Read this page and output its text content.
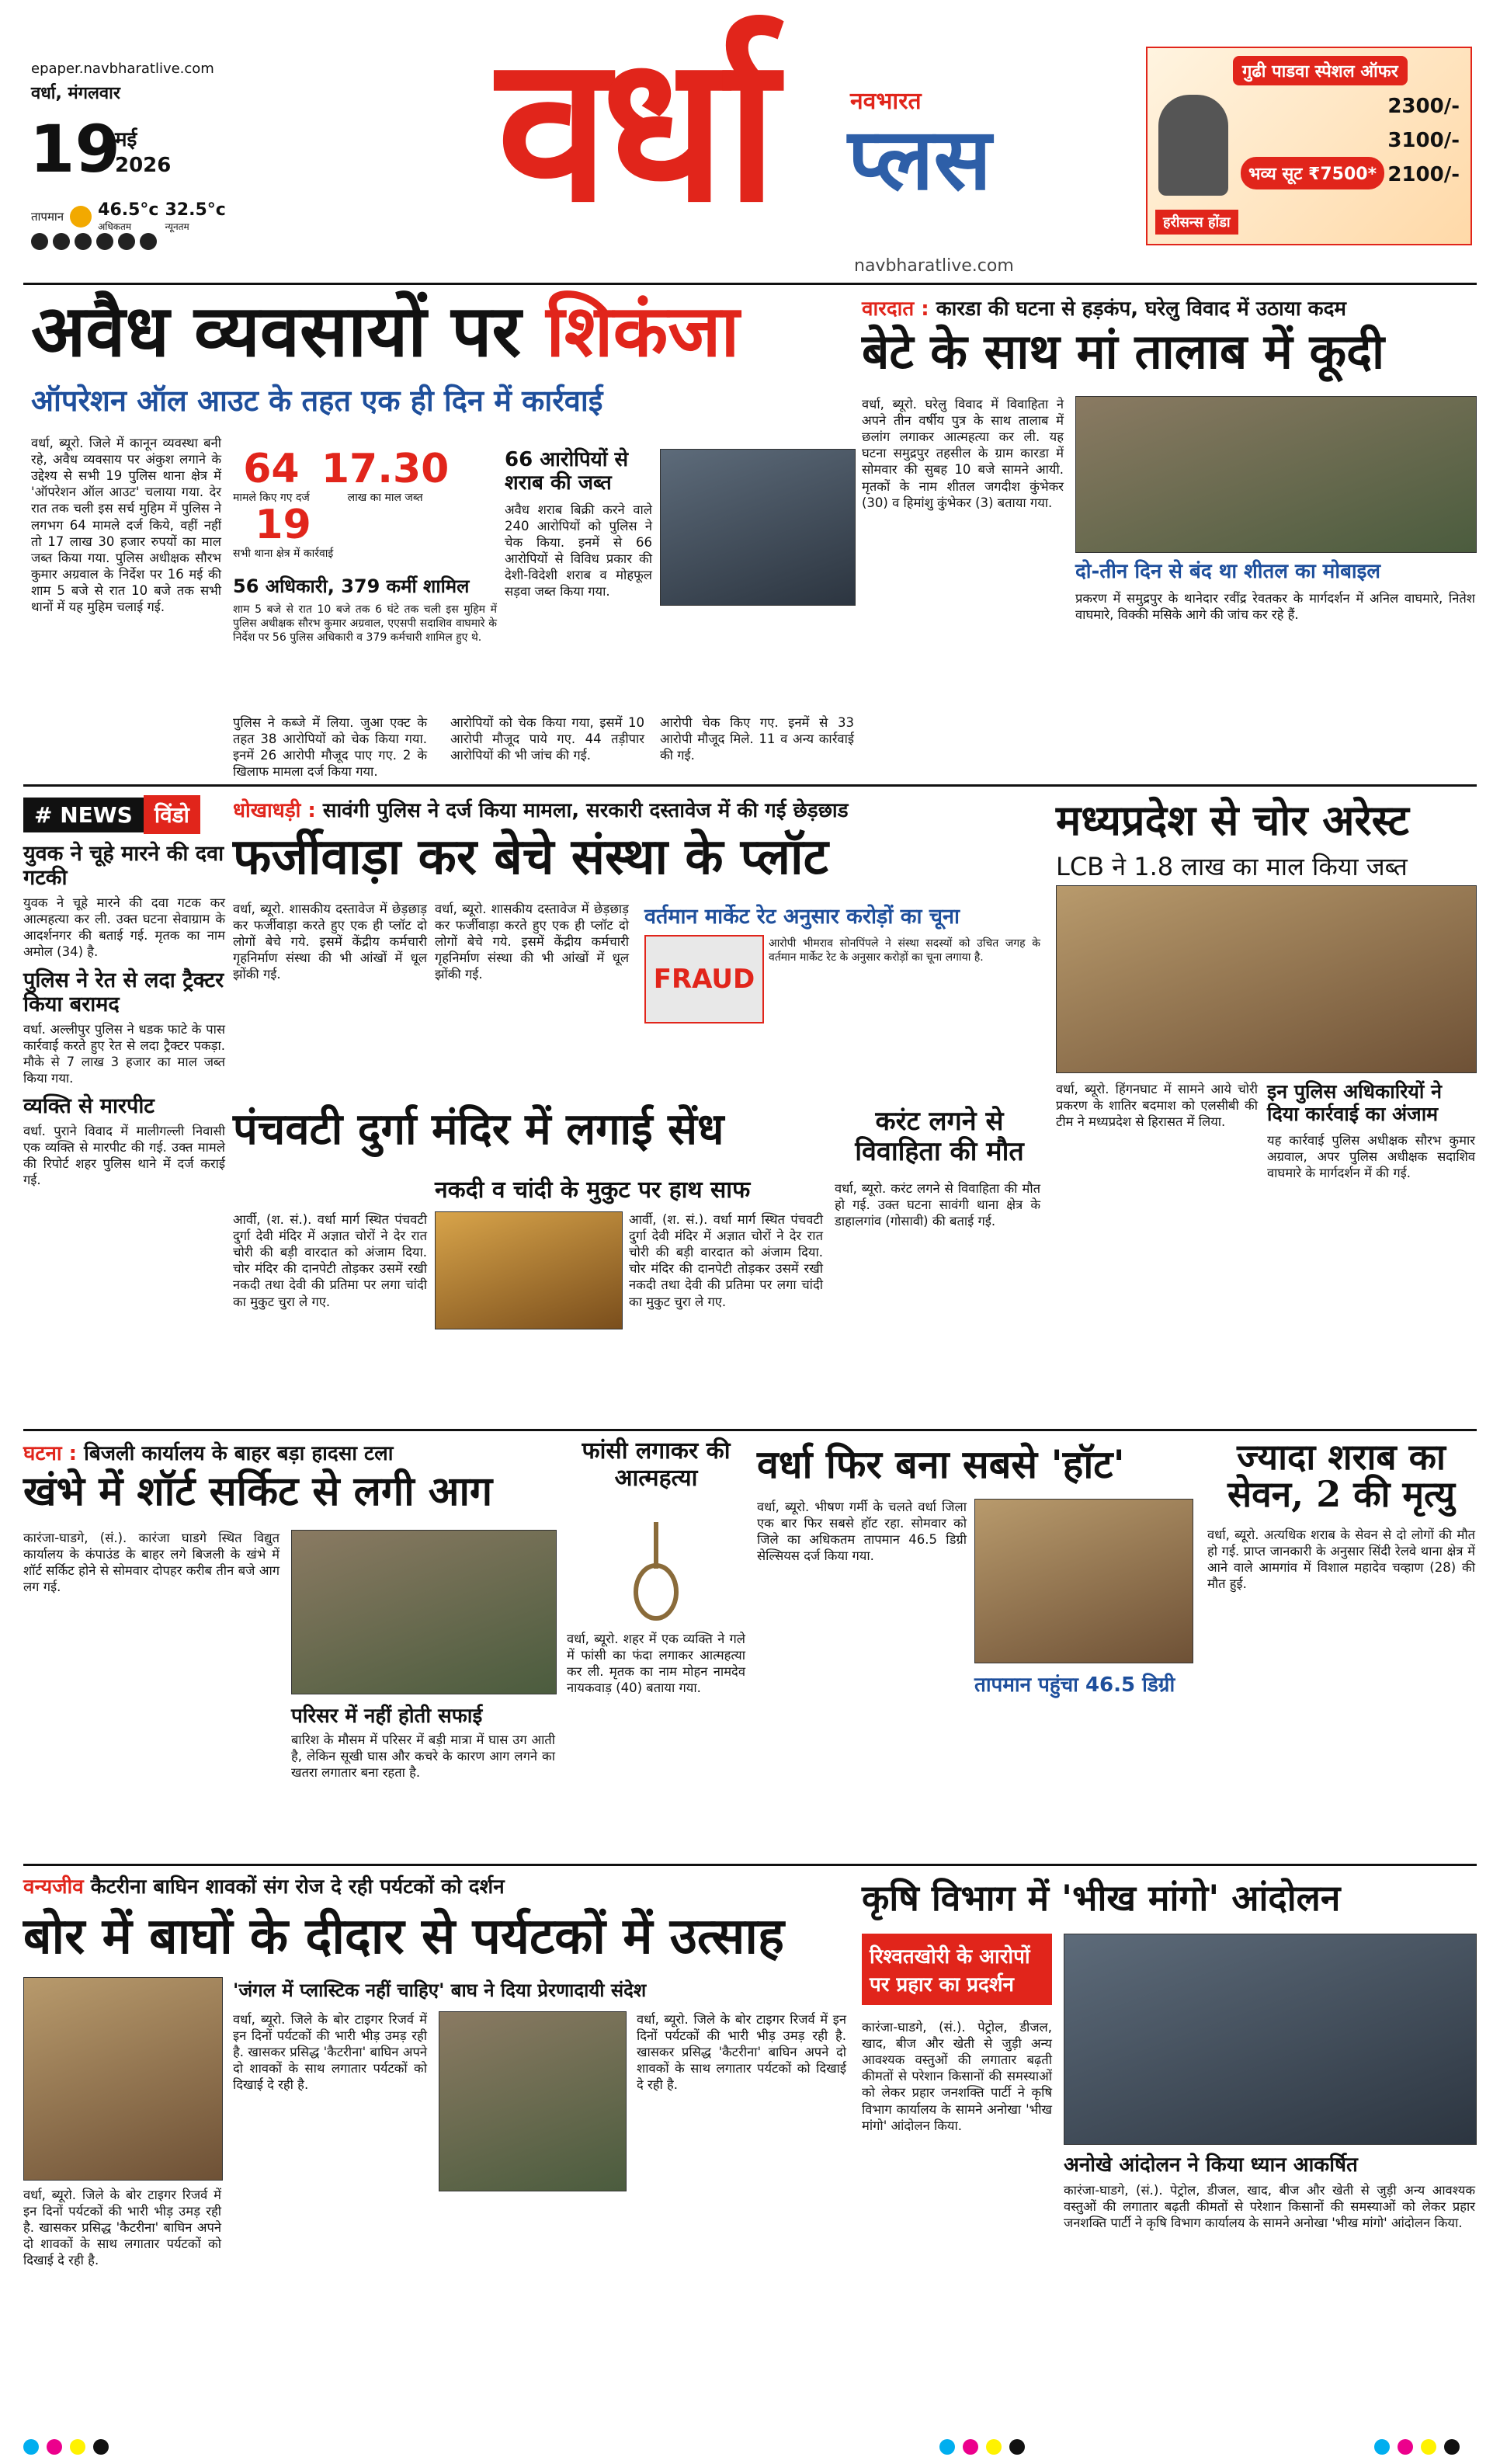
epaper.navbharatlive.com
वर्धा, मंगलवार
19
मई
2026
तापमान 46.5°c
अधिकतम
32.5°c
न्यूनतम वर्धा	नवभारत
प्लस
navbharatlive.com
गुढी पाडवा स्पेशल ऑफर
भव्य सूट ₹7500*
2300/-
3100/-
2100/-
हरीसन्स होंडा
अवैध व्यवसायों पर शिकंजा
ऑपरेशन ऑल आउट के तहत एक ही दिन में कार्रवाई
वर्धा, ब्यूरो. जिले में कानून व्यवस्था बनी रहे, अवैध व्यवसाय पर अंकुश लगाने के उद्देश्य से सभी 19 पुलिस थाना क्षेत्र में 'ऑपरेशन ऑल आउट' चलाया गया. देर रात तक चली इस सर्च मुहिम में पुलिस ने लगभग 64 मामले दर्ज किये, वहीं नहीं तो 17 लाख 30 हजार रुपयों का माल जब्त किया गया. पुलिस अधीक्षक सौरभ कुमार अग्रवाल के निर्देश पर 16 मई की शाम 5 बजे से रात 10 बजे तक सभी थानों में यह मुहिम चलाई गई.
64
मामले किए गए दर्ज
17.30
लाख का माल जब्त
19
सभी थाना क्षेत्र में कार्रवाई
56 अधिकारी, 379 कर्मी शामिल
शाम 5 बजे से रात 10 बजे तक 6 घंटे तक चली इस मुहिम में पुलिस अधीक्षक सौरभ कुमार अग्रवाल, एएसपी सदाशिव वाघमारे के निर्देश पर 56 पुलिस अधिकारी व 379 कर्मचारी शामिल हुए थे.
66 आरोपियों से शराब की जब्त
अवैध शराब बिक्री करने वाले 240 आरोपियों को पुलिस ने चेक किया. इनमें से 66 आरोपियों से विविध प्रकार की देशी-विदेशी शराब व मोहफूल सड़वा जब्त किया गया.
पुलिस ने कब्जे में लिया. जुआ एक्ट के तहत 38 आरोपियों को चेक किया गया. इनमें 26 आरोपी मौजूद पाए गए. 2 के खिलाफ मामला दर्ज किया गया.
आरोपियों को चेक किया गया, इसमें 10 आरोपी मौजूद पाये गए. 44 तड़ीपार आरोपियों की भी जांच की गई.
आरोपी चेक किए गए. इनमें से 33 आरोपी मौजूद मिले. 11 व अन्य कार्रवाई की गई.
वारदात : कारडा की घटना से हड़कंप, घरेलु विवाद में उठाया कदम
बेटे के साथ मां तालाब में कूदी
वर्धा, ब्यूरो. घरेलु विवाद में विवाहिता ने अपने तीन वर्षीय पुत्र के साथ तालाब में छलांग लगाकर आत्महत्या कर ली. यह घटना समुद्रपुर तहसील के ग्राम कारडा में सोमवार की सुबह 10 बजे सामने आयी. मृतकों के नाम शीतल जगदीश कुंभेकर (30) व हिमांशु कुंभेकर (3) बताया गया.
दो-तीन दिन से बंद था शीतल का मोबाइल
प्रकरण में समुद्रपुर के थानेदार रवींद्र रेवतकर के मार्गदर्शन में अनिल वाघमारे, नितेश वाघमारे, विक्की मसिके आगे की जांच कर रहे हैं.
# NEWS	विंडो
युवक ने चूहे मारने की दवा गटकी
युवक ने चूहे मारने की दवा गटक कर आत्महत्या कर ली. उक्त घटना सेवाग्राम के आदर्शनगर की बताई गई. मृतक का नाम अमोल (34) है.
पुलिस ने रेत से लदा ट्रैक्टर किया बरामद
वर्धा. अल्लीपुर पुलिस ने धडक फाटे के पास कार्रवाई करते हुए रेत से लदा ट्रैक्टर पकड़ा. मौके से 7 लाख 3 हजार का माल जब्त किया गया.
व्यक्ति से मारपीट
वर्धा. पुराने विवाद में मालीगल्ली निवासी एक व्यक्ति से मारपीट की गई. उक्त मामले की रिपोर्ट शहर पुलिस थाने में दर्ज कराई गई.
धोखाधड़ी : सावंगी पुलिस ने दर्ज किया मामला, सरकारी दस्तावेज में की गई छेड़छाड
फर्जीवाड़ा कर बेचे संस्था के प्लॉट
वर्धा, ब्यूरो. शासकीय दस्तावेज में छेड़छाड़ कर फर्जीवाड़ा करते हुए एक ही प्लॉट दो लोगों बेचे गये. इसमें केंद्रीय कर्मचारी गृहनिर्माण संस्था की भी आंखों में धूल झोंकी गई.
वर्धा, ब्यूरो. शासकीय दस्तावेज में छेड़छाड़ कर फर्जीवाड़ा करते हुए एक ही प्लॉट दो लोगों बेचे गये. इसमें केंद्रीय कर्मचारी गृहनिर्माण संस्था की भी आंखों में धूल झोंकी गई.
वर्तमान मार्केट रेट अनुसार करोड़ों का चूना
FRAUD
आरोपी भीमराव सोनपिंपले ने संस्था सदस्यों को उचित जगह के वर्तमान मार्केट रेट के अनुसार करोड़ों का चूना लगाया है.
पंचवटी दुर्गा मंदिर में लगाई सेंध
नकदी व चांदी के मुकुट पर हाथ साफ
आर्वी, (श. सं.). वर्धा मार्ग स्थित पंचवटी दुर्गा देवी मंदिर में अज्ञात चोरों ने देर रात चोरी की बड़ी वारदात को अंजाम दिया. चोर मंदिर की दानपेटी तोड़कर उसमें रखी नकदी तथा देवी की प्रतिमा पर लगा चांदी का मुकुट चुरा ले गए.
आर्वी, (श. सं.). वर्धा मार्ग स्थित पंचवटी दुर्गा देवी मंदिर में अज्ञात चोरों ने देर रात चोरी की बड़ी वारदात को अंजाम दिया. चोर मंदिर की दानपेटी तोड़कर उसमें रखी नकदी तथा देवी की प्रतिमा पर लगा चांदी का मुकुट चुरा ले गए.
करंट लगने से विवाहिता की मौत
वर्धा, ब्यूरो. करंट लगने से विवाहिता की मौत हो गई. उक्त घटना सावंगी थाना क्षेत्र के डाहालगांव (गोसावी) की बताई गई.
मध्यप्रदेश से चोर अरेस्ट
LCB ने 1.8 लाख का माल किया जब्त
वर्धा, ब्यूरो. हिंगनघाट में सामने आये चोरी प्रकरण के शातिर बदमाश को एलसीबी की टीम ने मध्यप्रदेश से हिरासत में लिया.
इन पुलिस अधिकारियों ने दिया कार्रवाई का अंजाम
यह कार्रवाई पुलिस अधीक्षक सौरभ कुमार अग्रवाल, अपर पुलिस अधीक्षक सदाशिव वाघमारे के मार्गदर्शन में की गई.
घटना : बिजली कार्यालय के बाहर बड़ा हादसा टला
खंभे में शॉर्ट सर्किट से लगी आग
कारंजा-घाडगे, (सं.). कारंजा घाडगे स्थित विद्युत कार्यालय के कंपाउंड के बाहर लगे बिजली के खंभे में शॉर्ट सर्किट होने से सोमवार दोपहर करीब तीन बजे आग लग गई.
परिसर में नहीं होती सफाई
बारिश के मौसम में परिसर में बड़ी मात्रा में घास उग आती है, लेकिन सूखी घास और कचरे के कारण आग लगने का खतरा लगातार बना रहता है.
फांसी लगाकर की आत्महत्या
वर्धा, ब्यूरो. शहर में एक व्यक्ति ने गले में फांसी का फंदा लगाकर आत्महत्या कर ली. मृतक का नाम मोहन नामदेव नायकवाड़ (40) बताया गया.
वर्धा फिर बना सबसे 'हॉट'
वर्धा, ब्यूरो. भीषण गर्मी के चलते वर्धा जिला एक बार फिर सबसे हॉट रहा. सोमवार को जिले का अधिकतम तापमान 46.5 डिग्री सेल्सियस दर्ज किया गया.
तापमान पहुंचा 46.5 डिग्री
ज्यादा शराब का सेवन, 2 की मृत्यु
वर्धा, ब्यूरो. अत्यधिक शराब के सेवन से दो लोगों की मौत हो गई. प्राप्त जानकारी के अनुसार सिंदी रेलवे थाना क्षेत्र में आने वाले आमगांव में विशाल महादेव चव्हाण (28) की मौत हुई.
वन्यजीव कैटरीना बाघिन शावकों संग रोज दे रही पर्यटकों को दर्शन
बोर में बाघों के दीदार से पर्यटकों में उत्साह
'जंगल में प्लास्टिक नहीं चाहिए' बाघ ने दिया प्रेरणादायी संदेश
वर्धा, ब्यूरो. जिले के बोर टाइगर रिजर्व में इन दिनों पर्यटकों की भारी भीड़ उमड़ रही है. खासकर प्रसिद्ध 'कैटरीना' बाघिन अपने दो शावकों के साथ लगातार पर्यटकों को दिखाई दे रही है.
वर्धा, ब्यूरो. जिले के बोर टाइगर रिजर्व में इन दिनों पर्यटकों की भारी भीड़ उमड़ रही है. खासकर प्रसिद्ध 'कैटरीना' बाघिन अपने दो शावकों के साथ लगातार पर्यटकों को दिखाई दे रही है.
वर्धा, ब्यूरो. जिले के बोर टाइगर रिजर्व में इन दिनों पर्यटकों की भारी भीड़ उमड़ रही है. खासकर प्रसिद्ध 'कैटरीना' बाघिन अपने दो शावकों के साथ लगातार पर्यटकों को दिखाई दे रही है.
कृषि विभाग में 'भीख मांगो' आंदोलन
रिश्वतखोरी के आरोपों पर प्रहार का प्रदर्शन
कारंजा-घाडगे, (सं.). पेट्रोल, डीजल, खाद, बीज और खेती से जुड़ी अन्य आवश्यक वस्तुओं की लगातार बढ़ती कीमतों से परेशान किसानों की समस्याओं को लेकर प्रहार जनशक्ति पार्टी ने कृषि विभाग कार्यालय के सामने अनोखा 'भीख मांगो' आंदोलन किया.
अनोखे आंदोलन ने किया ध्यान आकर्षित
कारंजा-घाडगे, (सं.). पेट्रोल, डीजल, खाद, बीज और खेती से जुड़ी अन्य आवश्यक वस्तुओं की लगातार बढ़ती कीमतों से परेशान किसानों की समस्याओं को लेकर प्रहार जनशक्ति पार्टी ने कृषि विभाग कार्यालय के सामने अनोखा 'भीख मांगो' आंदोलन किया.
